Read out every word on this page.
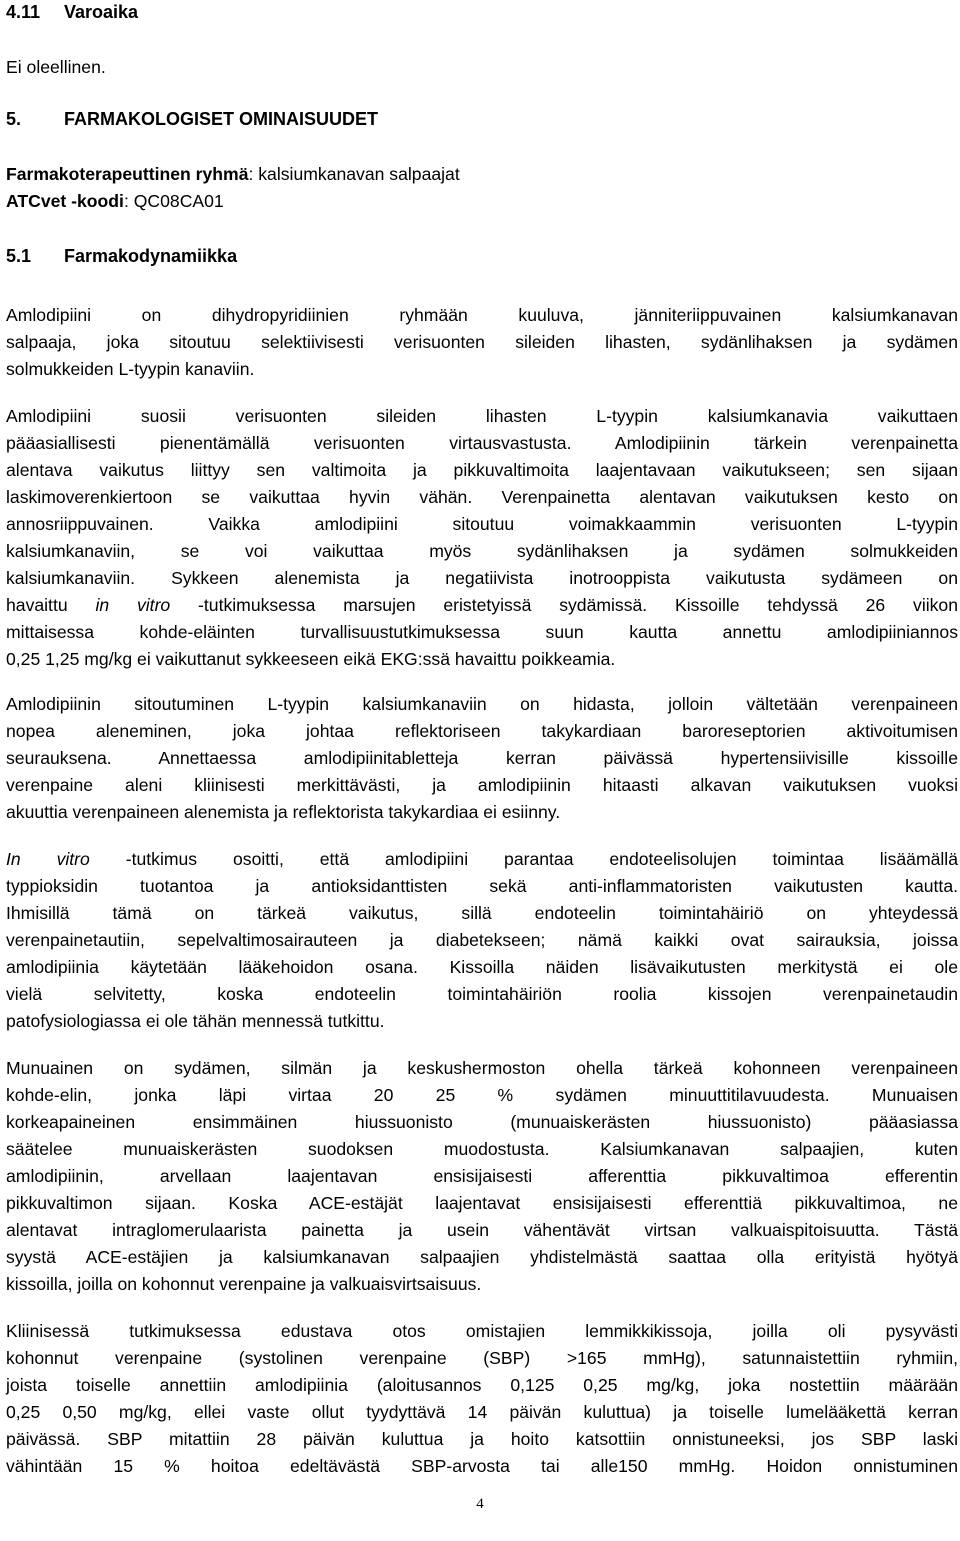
4.11 Varoaika
Ei oleellinen.
5. FARMAKOLOGISET OMINAISUUDET
Farmakoterapeuttinen ryhmä: kalsiumkanavan salpaajat
ATCvet -koodi: QC08CA01
5.1 Farmakodynamiikka
Amlodipiini on dihydropyridiinien ryhmään kuuluva, jänniteriippuvainen kalsiumkanavan
salpaaja, joka sitoutuu selektiivisesti verisuonten sileiden lihasten, sydänlihaksen ja sydämen
solmukkeiden L-tyypin kanaviin.
Amlodipiini suosii verisuonten sileiden lihasten L-tyypin kalsiumkanavia vaikuttaen
pääasiallisesti pienentämällä verisuonten virtausvastusta. Amlodipiinin tärkein verenpainetta
alentava vaikutus liittyy sen valtimoita ja pikkuvaltimoita laajentavaan vaikutukseen; sen sijaan
laskimoverenkiertoon se vaikuttaa hyvin vähän. Verenpainetta alentavan vaikutuksen kesto on
annosriippuvainen. Vaikka amlodipiini sitoutuu voimakkaammin verisuonten L-tyypin
kalsiumkanaviin, se voi vaikuttaa myös sydänlihaksen ja sydämen solmukkeiden
kalsiumkanaviin. Sykkeen alenemista ja negatiivista inotrooppista vaikutusta sydämeen on
havaittu in vitro -tutkimuksessa marsujen eristetyissä sydämissä. Kissoille tehdyssä 26 viikon
mittaisessa kohde-eläinten turvallisuustutkimuksessa suun kautta annettu amlodipiiniannos
0,25 1,25 mg/kg ei vaikuttanut sykkeeseen eikä EKG:ssä havaittu poikkeamia.
Amlodipiinin sitoutuminen L-tyypin kalsiumkanaviin on hidasta, jolloin vältetään verenpaineen
nopea aleneminen, joka johtaa reflektoriseen takykardiaan baroreseptorien aktivoitumisen
seurauksena. Annettaessa amlodipiinitabletteja kerran päivässä hypertensiivisille kissoille
verenpaine aleni kliinisesti merkittävästi, ja amlodipiinin hitaasti alkavan vaikutuksen vuoksi
akuuttia verenpaineen alenemista ja reflektorista takykardiaa ei esiinny.
In vitro -tutkimus osoitti, että amlodipiini parantaa endoteelisolujen toimintaa lisäämällä
typpioksidin tuotantoa ja antioksidanttisten sekä anti-inflammatoristen vaikutusten kautta.
Ihmisillä tämä on tärkeä vaikutus, sillä endoteelin toimintahäiriö on yhteydessä
verenpainetautiin, sepelvaltimosairauteen ja diabetekseen; nämä kaikki ovat sairauksia, joissa
amlodipiinia käytetään lääkehoidon osana. Kissoilla näiden lisävaikutusten merkitystä ei ole
vielä selvitetty, koska endoteelin toimintahäiriön roolia kissojen verenpainetaudin
patofysiologiassa ei ole tähän mennessä tutkittu.
Munuainen on sydämen, silmän ja keskushermoston ohella tärkeä kohonneen verenpaineen
kohde-elin, jonka läpi virtaa 20 25 % sydämen minuuttitilavuudesta. Munuaisen
korkeapaineinen ensimmäinen hiussuonisto (munuaiskerästen hiussuonisto) pääasiassa
säätelee munuaiskerästen suodoksen muodostusta. Kalsiumkanavan salpaajien, kuten
amlodipiinin, arvellaan laajentavan ensisijaisesti afferenttia pikkuvaltimoa efferentin
pikkuvaltimon sijaan. Koska ACE-estäjät laajentavat ensisijaisesti efferenttiä pikkuvaltimoa, ne
alentavat intraglomerulaarista painetta ja usein vähentävät virtsan valkuaispitoisuutta. Tästä
syystä ACE-estäjien ja kalsiumkanavan salpaajien yhdistelmästä saattaa olla erityistä hyötyä
kissoilla, joilla on kohonnut verenpaine ja valkuaisvirtsaisuus.
Kliinisessä tutkimuksessa edustava otos omistajien lemmikkikissoja, joilla oli pysyvästi
kohonnut verenpaine (systolinen verenpaine (SBP) >165 mmHg), satunnaistettiin ryhmiin,
joista toiselle annettiin amlodipiinia (aloitusannos 0,125 0,25 mg/kg, joka nostettiin määrään
0,25 0,50 mg/kg, ellei vaste ollut tyydyttävä 14 päivän kuluttua) ja toiselle lumelääkettä kerran
päivässä. SBP mitattiin 28 päivän kuluttua ja hoito katsottiin onnistuneeksi, jos SBP laski
vähintään 15 % hoitoa edeltävästä SBP-arvosta tai alle150 mmHg. Hoidon onnistuminen
4
